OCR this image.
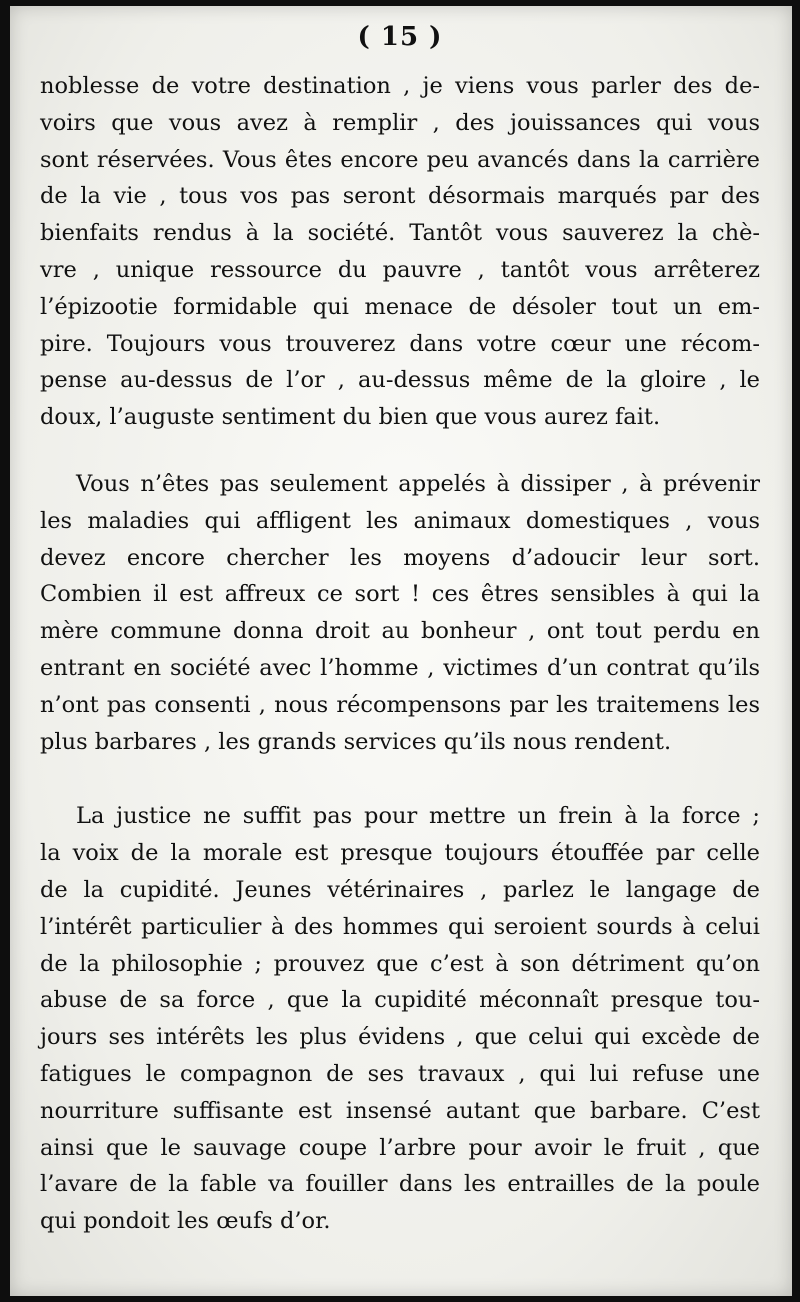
( 15 )

noblesse de votre destination , je viens vous parler des de-
voirs que vous avez à remplir , des jouissances qui vous
sont réservées. Vous êtes encore peu avancés dans la carrière
de la vie , tous vos pas seront désormais marqués par des
bienfaits rendus à la société. Tantôt vous sauverez la chè-
vre , unique ressource du pauvre , tantôt vous arrêterez
l’épizootie formidable qui menace de désoler tout un em-
pire. Toujours vous trouverez dans votre cœur une récom-
pense au-dessus de l’or , au-dessus même de la gloire , le
doux, l’auguste sentiment du bien que vous aurez fait.

Vous n’êtes pas seulement appelés à dissiper , à prévenir
les maladies qui affligent les animaux domestiques , vous
devez encore chercher les moyens d’adoucir leur sort.
Combien il est affreux ce sort ! ces êtres sensibles à qui la
mère commune donna droit au bonheur , ont tout perdu en
entrant en société avec l’homme , victimes d’un contrat qu’ils
n’ont pas consenti , nous récompensons par les traitemens les
plus barbares , les grands services qu’ils nous rendent.

La justice ne suffit pas pour mettre un frein à la force ;
la voix de la morale est presque toujours étouffée par celle
de la cupidité. Jeunes vétérinaires , parlez le langage de
l’intérêt particulier à des hommes qui seroient sourds à celui
de la philosophie ; prouvez que c’est à son détriment qu’on
abuse de sa force , que la cupidité méconnaît presque tou-
jours ses intérêts les plus évidens , que celui qui excède de
fatigues le compagnon de ses travaux , qui lui refuse une
nourriture suffisante est insensé autant que barbare. C’est
ainsi que le sauvage coupe l’arbre pour avoir le fruit , que
l’avare de la fable va fouiller dans les entrailles de la poule
qui pondoit les œufs d’or.
